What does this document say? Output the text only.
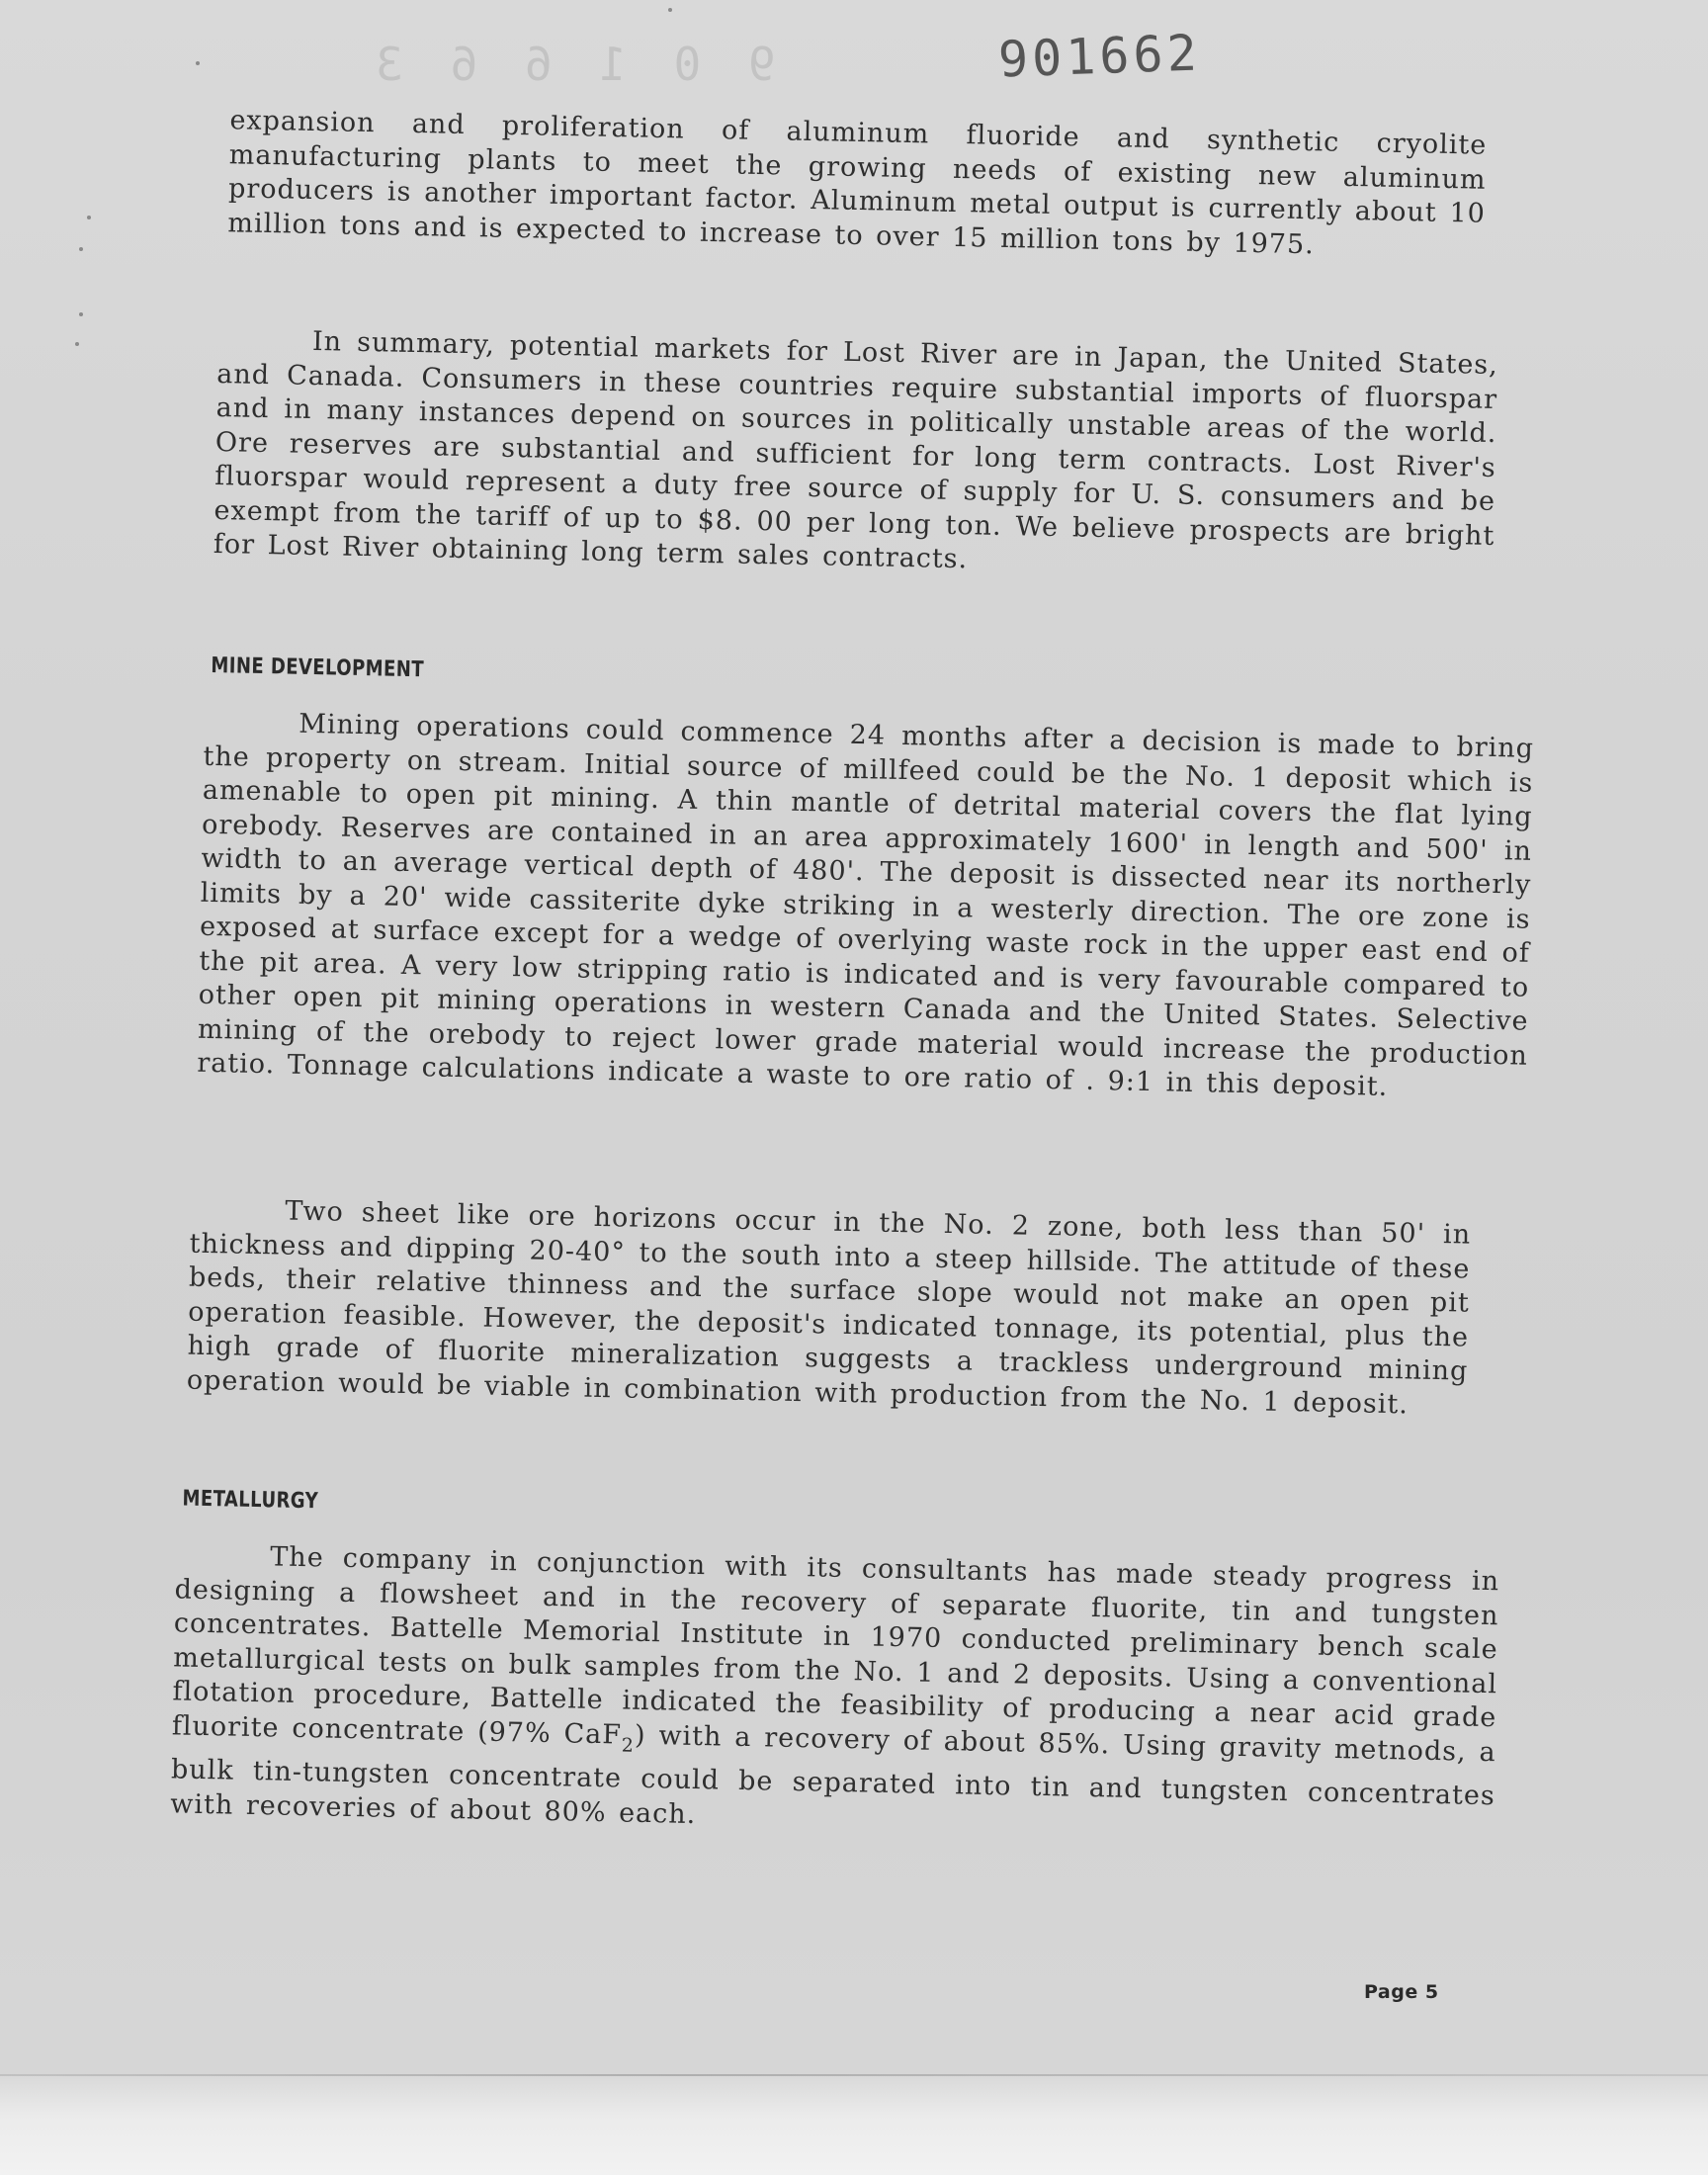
9 0 1 6 6 3	901662

expansion and proliferation of aluminum fluoride and synthetic cryolite manufacturing plants to meet the growing needs of existing new aluminum producers is another important factor. Aluminum metal output is currently about 10 million tons and is expected to increase to over 15 million tons by 1975.

In summary, potential markets for Lost River are in Japan, the United States, and Canada. Consumers in these countries require substantial imports of fluorspar and in many instances depend on sources in politically unstable areas of the world. Ore reserves are substantial and sufficient for long term contracts. Lost River's fluorspar would represent a duty free source of supply for U. S. consumers and be exempt from the tariff of up to $8. 00 per long ton. We believe prospects are bright for Lost River obtaining long term sales contracts.

MINE DEVELOPMENT

Mining operations could commence 24 months after a decision is made to bring the property on stream. Initial source of millfeed could be the No. 1 deposit which is amenable to open pit mining. A thin mantle of detrital material covers the flat lying orebody. Reserves are contained in an area approximately 1600' in length and 500' in width to an average vertical depth of 480'. The deposit is dissected near its northerly limits by a 20' wide cassiterite dyke striking in a westerly direction. The ore zone is exposed at surface except for a wedge of overlying waste rock in the upper east end of the pit area. A very low stripping ratio is indicated and is very favourable compared to other open pit mining operations in western Canada and the United States. Selective mining of the orebody to reject lower grade material would increase the production ratio. Tonnage calculations indicate a waste to ore ratio of . 9:1 in this deposit.

Two sheet like ore horizons occur in the No. 2 zone, both less than 50' in thickness and dipping 20-40° to the south into a steep hillside. The attitude of these beds, their relative thinness and the surface slope would not make an open pit operation feasible. However, the deposit's indicated tonnage, its potential, plus the high grade of fluorite mineralization suggests a trackless underground mining operation would be viable in combination with production from the No. 1 deposit.

METALLURGY

The company in conjunction with its consultants has made steady progress in designing a flowsheet and in the recovery of separate fluorite, tin and tungsten concentrates. Battelle Memorial Institute in 1970 conducted preliminary bench scale metallurgical tests on bulk samples from the No. 1 and 2 deposits. Using a conventional flotation procedure, Battelle indicated the feasibility of producing a near acid grade fluorite concentrate (97% CaF$_2$) with a recovery of about 85%. Using gravity metnods, a bulk tin-tungsten concentrate could be separated into tin and tungsten concentrates with recoveries of about 80% each.

Page 5
